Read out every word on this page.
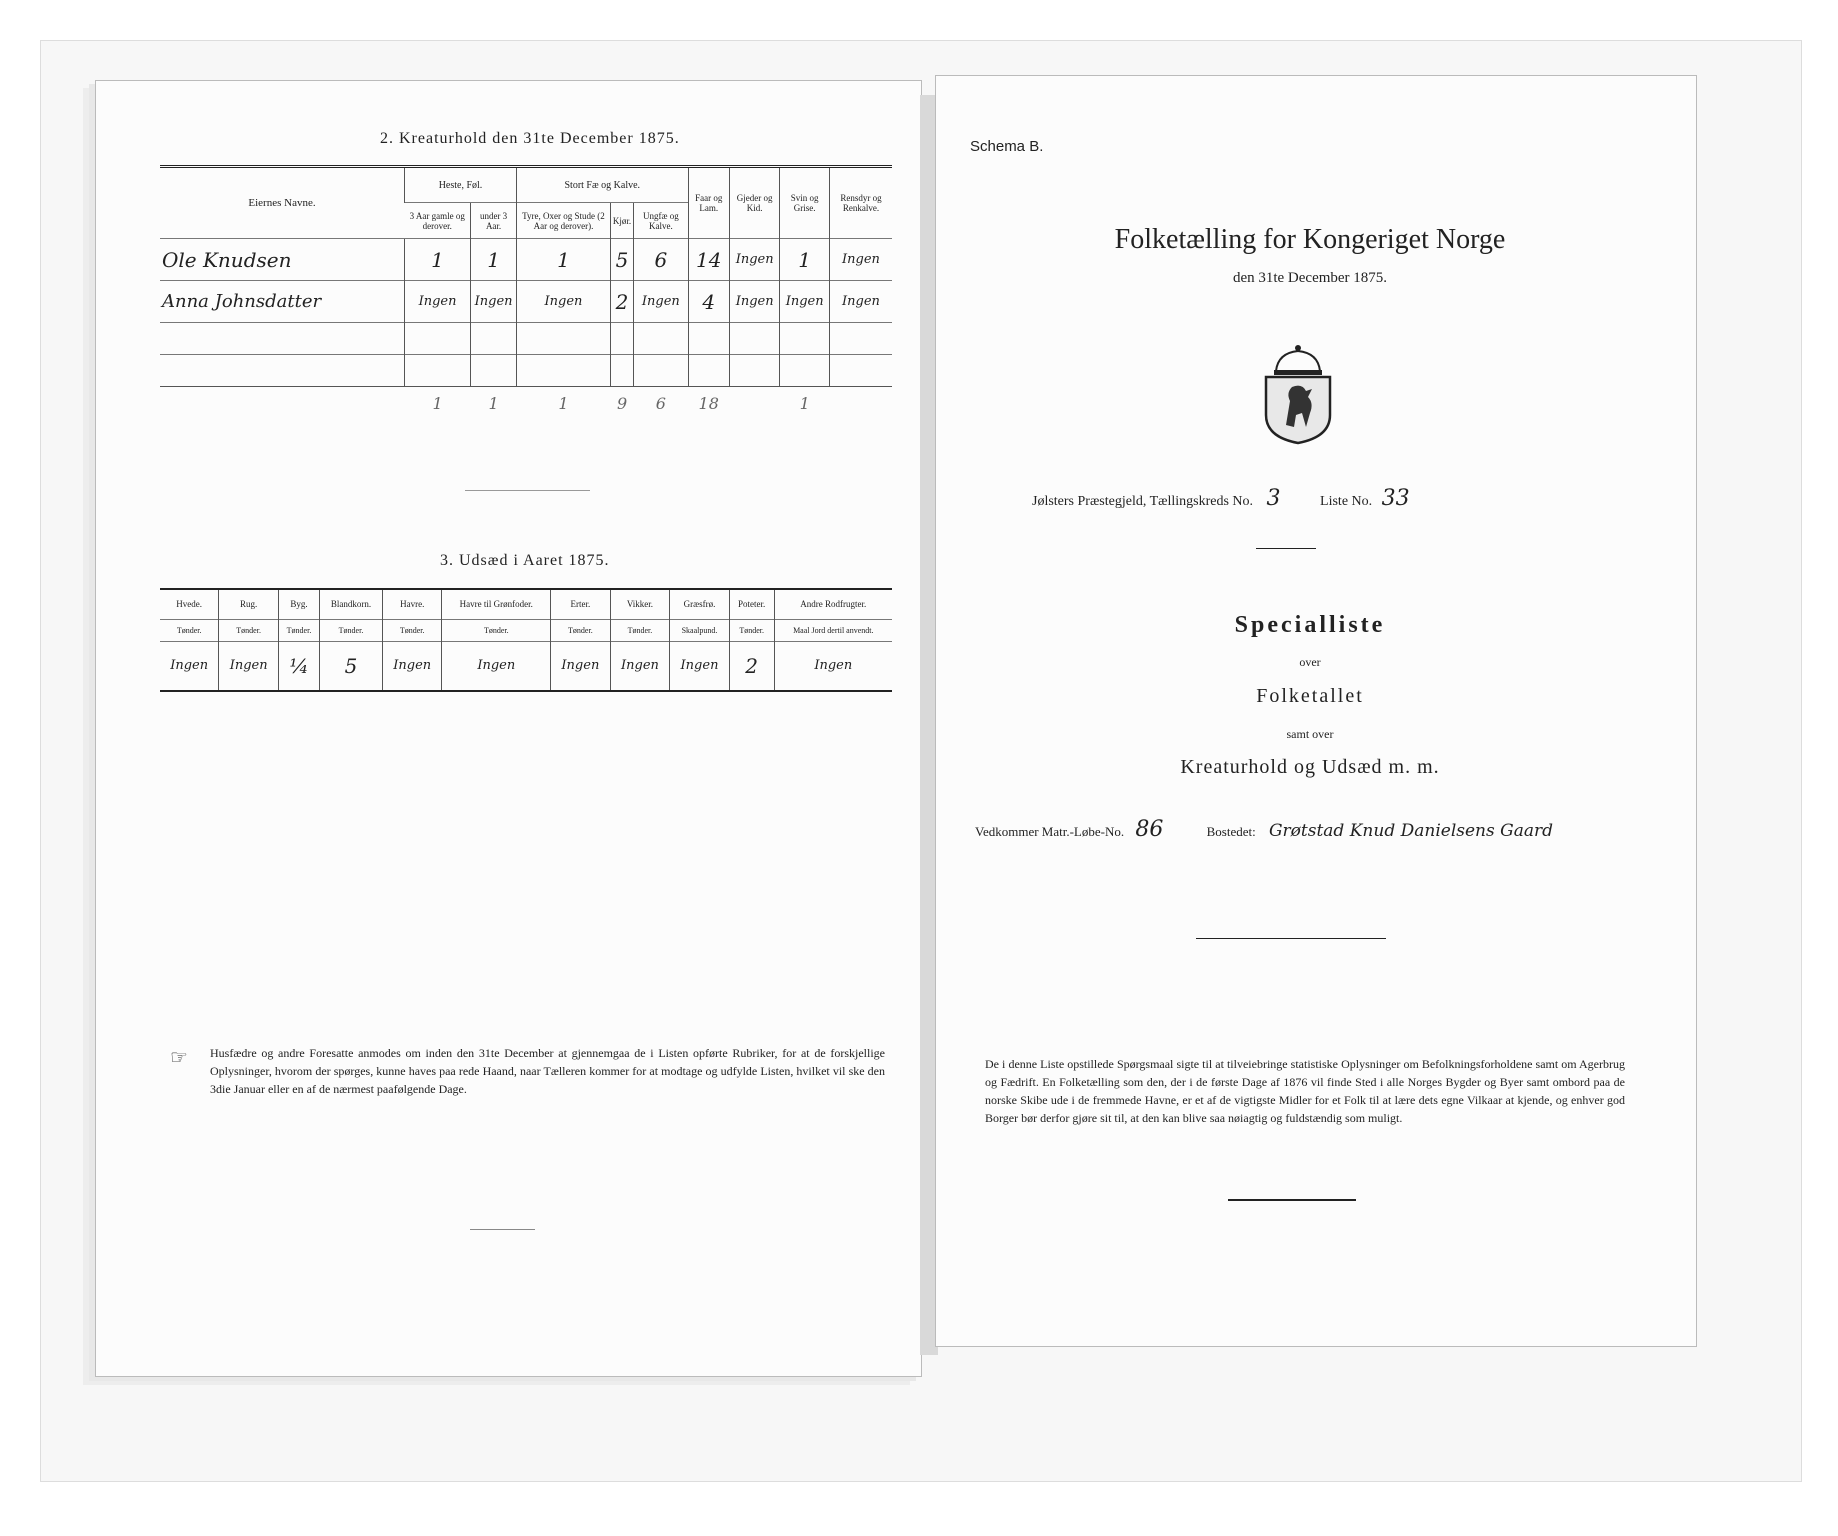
2. Kreaturhold den 31te December 1875.
Eiernes Navne.	Heste, Føl.		Stort Fæ og Kalve.			Faar og Lam.	Gjeder og Kid.	Svin og Grise.	Rensdyr og Renkalve.
	3 Aar gamle og derover.	under 3 Aar.	Tyre, Oxer og Stude (2 Aar og derover).	Kjør.	Ungfæ og Kalve.				
Ole Knudsen	1	1	1	5	6	14	Ingen	1	Ingen
Anna Johnsdatter	Ingen	Ingen	Ingen	2	Ingen	4	Ingen	Ingen	Ingen

	1	1	1	9	6	18		1	
3. Udsæd i Aaret 1875.
Hvede.	Rug.	Byg.	Blandkorn.	Havre.	Havre til Grønfoder.	Erter.	Vikker.	Græsfrø.	Poteter.	Andre Rodfrugter.
Tønder.	Tønder.	Tønder.	Tønder.	Tønder.	Tønder.	Tønder.	Tønder.	Skaalpund.	Tønder.	Maal Jord dertil anvendt.
Ingen	Ingen	¼	5	Ingen	Ingen	Ingen	Ingen	Ingen	2	Ingen
☞ Husfædre og andre Foresatte anmodes om inden den 31te December at gjennemgaa de i Listen opførte Rubriker, for at de forskjellige Oplysninger, hvorom der spørges, kunne haves paa rede Haand, naar Tælleren kommer for at modtage og udfylde Listen, hvilket vil ske den 3die Januar eller en af de nærmest paafølgende Dage.
Schema B.
Folketælling for Kongeriget Norge
den 31te December 1875.
Jølsters Præstegjeld, Tællingskreds No. 3	Liste No. 33
Specialliste
over
Folketallet
samt over
Kreaturhold og Udsæd m. m.
Vedkommer Matr.-Løbe-No. 86	Bostedet: Grøtstad Knud Danielsens Gaard
De i denne Liste opstillede Spørgsmaal sigte til at tilveiebringe statistiske Oplysninger om Befolkningsforholdene samt om Agerbrug og Fædrift. En Folketælling som den, der i de første Dage af 1876 vil finde Sted i alle Norges Bygder og Byer samt ombord paa de norske Skibe ude i de fremmede Havne, er et af de vigtigste Midler for et Folk til at lære dets egne Vilkaar at kjende, og enhver god Borger bør derfor gjøre sit til, at den kan blive saa nøiagtig og fuldstændig som muligt.
